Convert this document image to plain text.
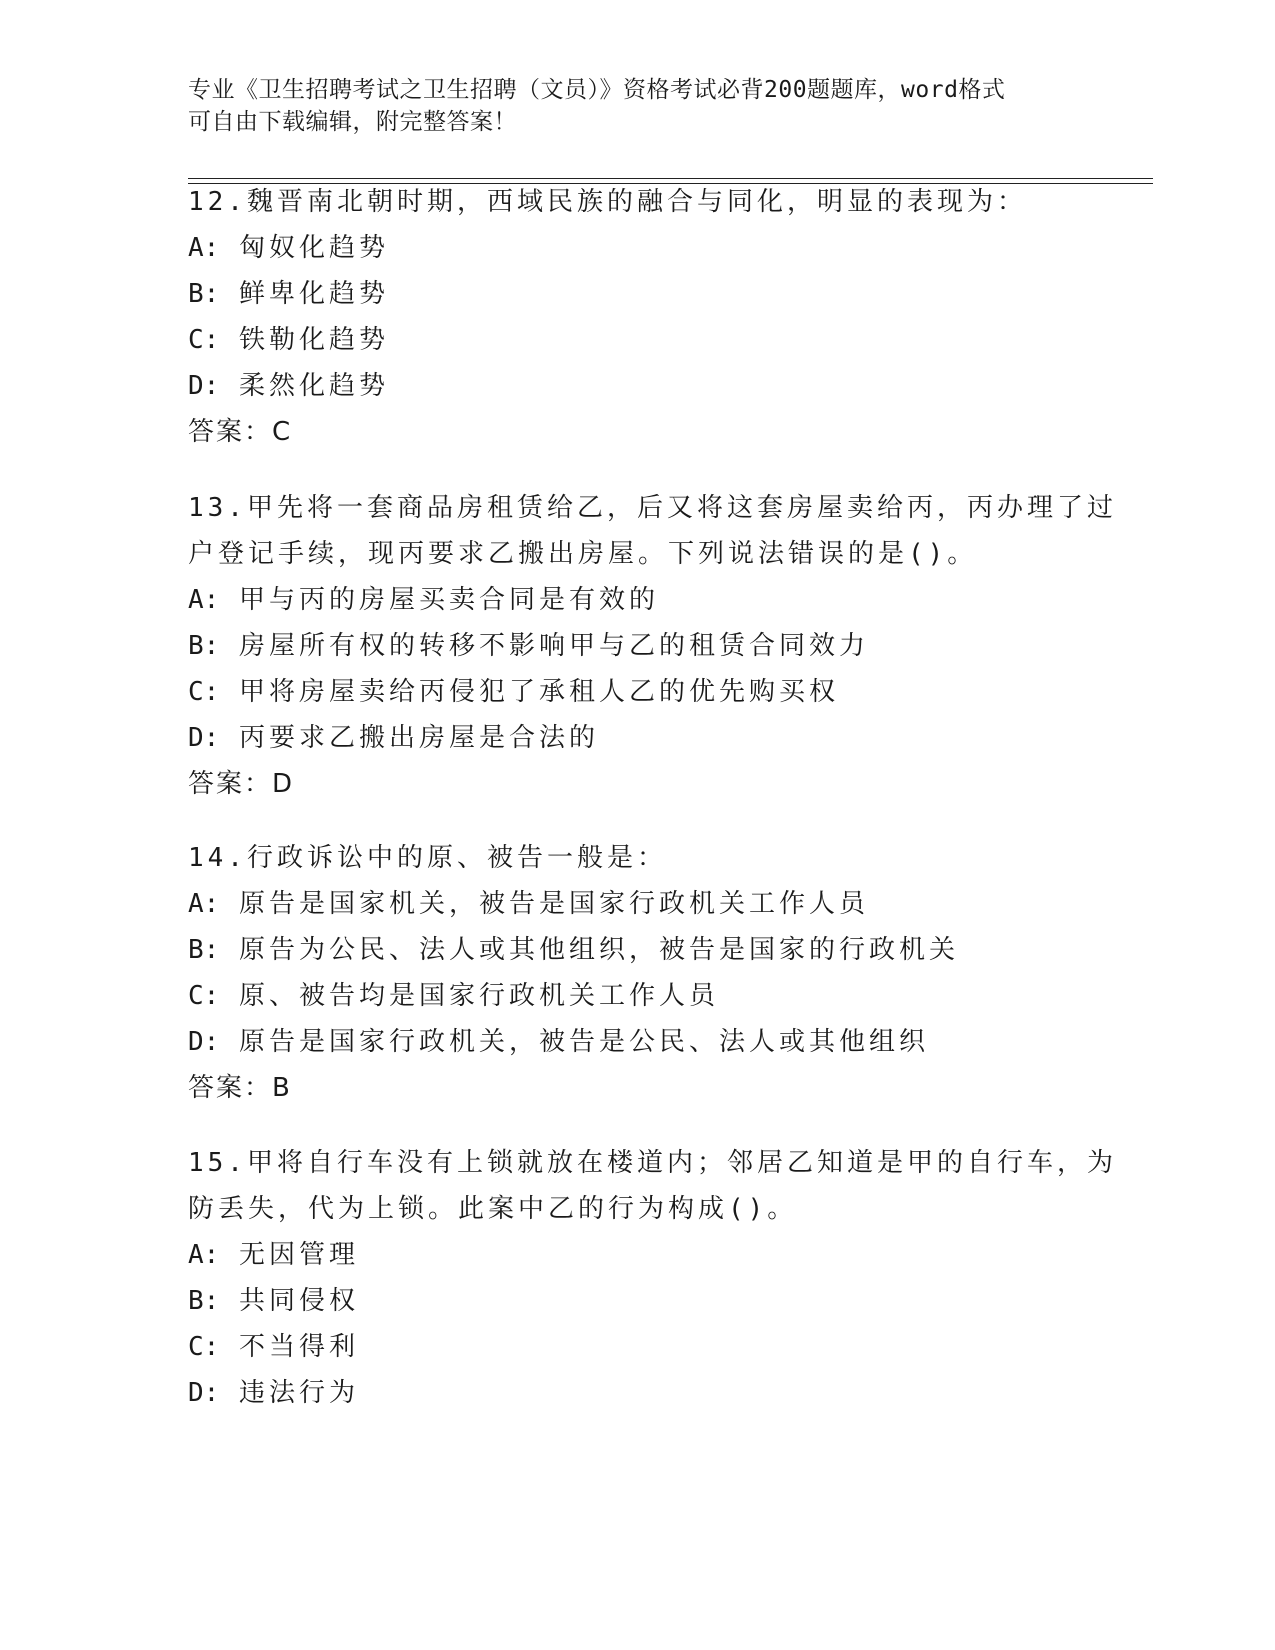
专业《卫生招聘考试之卫生招聘（文员）》资格考试必背200题题库，word格式
可自由下载编辑，附完整答案！
12.魏晋南北朝时期，西域民族的融合与同化，明显的表现为：
A: 匈奴化趋势
B: 鲜卑化趋势
C: 铁勒化趋势
D: 柔然化趋势
答案：C
13.甲先将一套商品房租赁给乙，后又将这套房屋卖给丙，丙办理了过
户登记手续，现丙要求乙搬出房屋。下列说法错误的是()。
A: 甲与丙的房屋买卖合同是有效的
B: 房屋所有权的转移不影响甲与乙的租赁合同效力
C: 甲将房屋卖给丙侵犯了承租人乙的优先购买权
D: 丙要求乙搬出房屋是合法的
答案：D
14.行政诉讼中的原、被告一般是：
A: 原告是国家机关，被告是国家行政机关工作人员
B: 原告为公民、法人或其他组织，被告是国家的行政机关
C: 原、被告均是国家行政机关工作人员
D: 原告是国家行政机关，被告是公民、法人或其他组织
答案：B
15.甲将自行车没有上锁就放在楼道内；邻居乙知道是甲的自行车，为
防丢失，代为上锁。此案中乙的行为构成()。
A: 无因管理
B: 共同侵权
C: 不当得利
D: 违法行为
